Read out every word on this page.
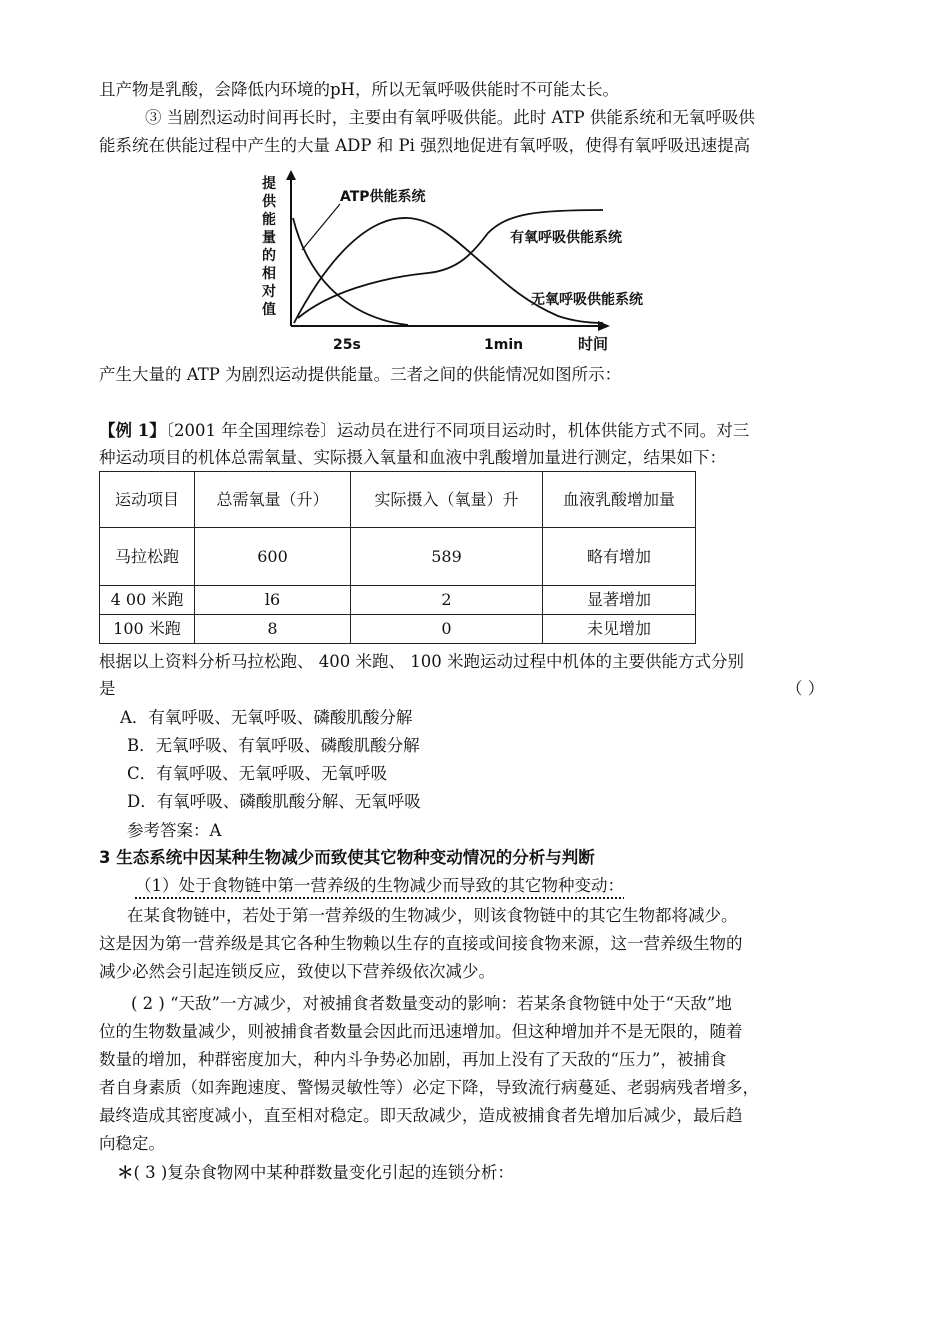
且产物是乳酸，会降低内环境的pH，所以无氧呼吸供能时不可能太长。
③ 当剧烈运动时间再长时，主要由有氧呼吸供能。此时 ATP 供能系统和无氧呼吸供
能系统在供能过程中产生的大量 ADP 和 Pi 强烈地促进有氧呼吸，使得有氧呼吸迅速提高
提
供
能
量
的
相
对
值
ATP供能系统
有氧呼吸供能系统
无氧呼吸供能系统
25s	1min	时间
产生大量的 ATP 为剧烈运动提供能量。三者之间的供能情况如图所示：
【例 1】〔2001 年全国理综卷〕运动员在进行不同项目运动时，机体供能方式不同。对三
种运动项目的机体总需氧量、实际摄入氧量和血液中乳酸增加量进行测定，结果如下：
运动项目	总需氧量（升）	实际摄入（氧量）升	血液乳酸增加量
马拉松跑	600	589	略有增加
4 00 米跑	l6	2	显著增加
100 米跑	8	0	未见增加
根据以上资料分析马拉松跑、 400 米跑、 100 米跑运动过程中机体的主要供能方式分别
是	（ ）
A．有氧呼吸、无氧呼吸、磷酸肌酸分解
B．无氧呼吸、有氧呼吸、磷酸肌酸分解
C．有氧呼吸、无氧呼吸、无氧呼吸
D．有氧呼吸、磷酸肌酸分解、无氧呼吸
参考答案：A
3 生态系统中因某种生物减少而致使其它物种变动情况的分析与判断
（1）处于食物链中第一营养级的生物减少而导致的其它物种变动：
在某食物链中，若处于第一营养级的生物减少，则该食物链中的其它生物都将减少。
这是因为第一营养级是其它各种生物赖以生存的直接或间接食物来源，这一营养级生物的
减少必然会引起连锁反应，致使以下营养级依次减少。
( 2 ) “天敌”一方减少，对被捕食者数量变动的影响：若某条食物链中处于“天敌”地
位的生物数量减少，则被捕食者数量会因此而迅速增加。但这种增加并不是无限的，随着
数量的增加，种群密度加大，种内斗争势必加剧，再加上没有了天敌的“压力”，被捕食
者自身素质（如奔跑速度、警惕灵敏性等）必定下降，导致流行病蔓延、老弱病残者增多，
最终造成其密度减小，直至相对稳定。即天敌减少，造成被捕食者先增加后减少，最后趋
向稳定。
＊( 3 )复杂食物网中某种群数量变化引起的连锁分析：
